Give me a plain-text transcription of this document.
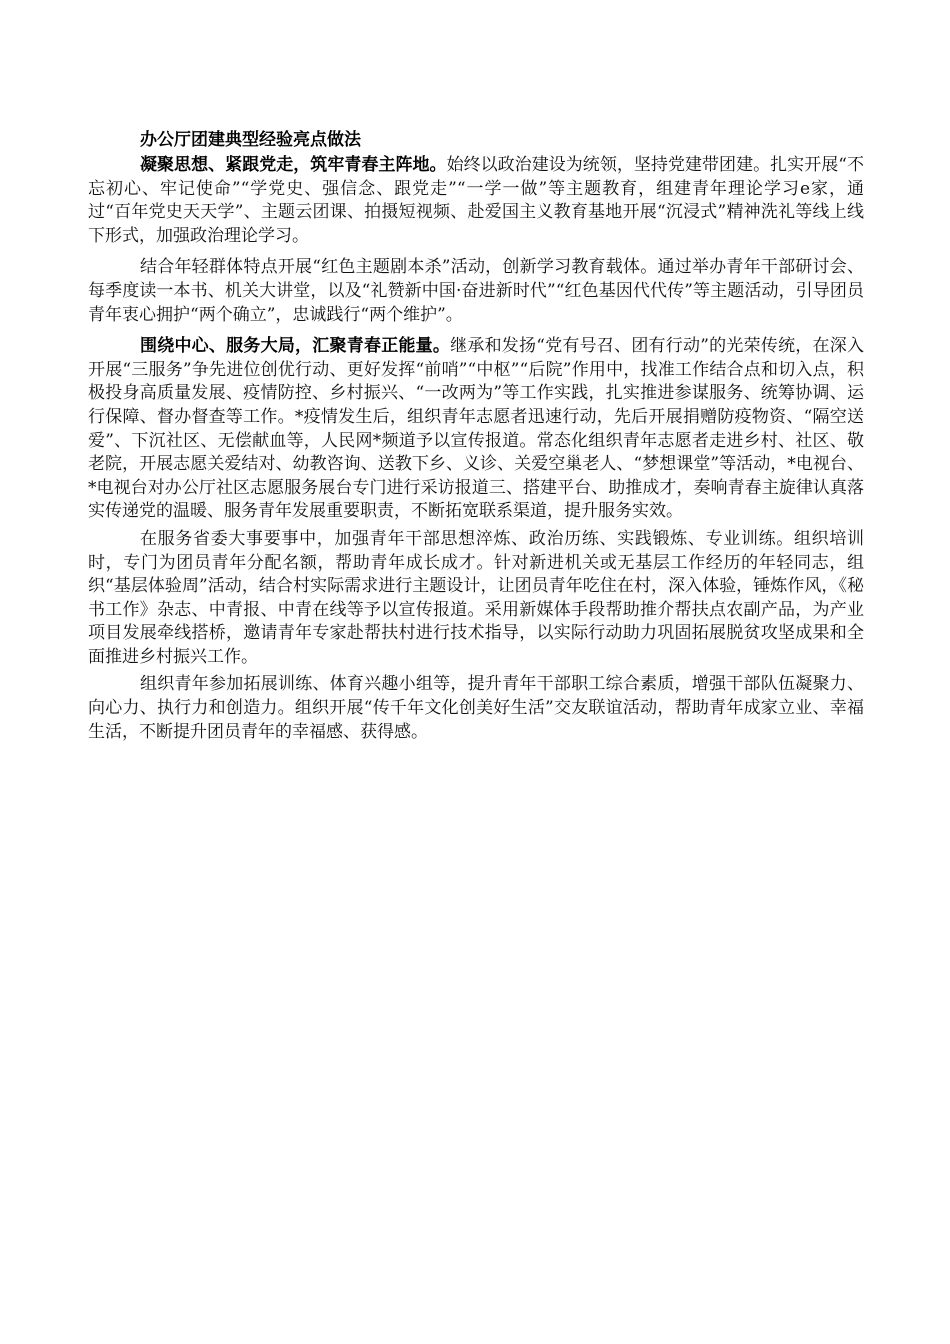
办公厅团建典型经验亮点做法

凝聚思想、紧跟党走，筑牢青春主阵地。始终以政治建设为统领，坚持党建带团建。扎实开展“不忘初心、牢记使命”“学党史、强信念、跟党走”“一学一做”等主题教育，组建青年理论学习e家，通过“百年党史天天学”、主题云团课、拍摄短视频、赴爱国主义教育基地开展“沉浸式”精神洗礼等线上线下形式，加强政治理论学习。

结合年轻群体特点开展“红色主题剧本杀”活动，创新学习教育载体。通过举办青年干部研讨会、每季度读一本书、机关大讲堂，以及“礼赞新中国·奋进新时代”“红色基因代代传”等主题活动，引导团员青年衷心拥护“两个确立”，忠诚践行“两个维护”。

围绕中心、服务大局，汇聚青春正能量。继承和发扬“党有号召、团有行动”的光荣传统，在深入开展“三服务”争先进位创优行动、更好发挥“前哨”“中枢”“后院”作用中，找准工作结合点和切入点，积极投身高质量发展、疫情防控、乡村振兴、“一改两为”等工作实践，扎实推进参谋服务、统筹协调、运行保障、督办督查等工作。*疫情发生后，组织青年志愿者迅速行动，先后开展捐赠防疫物资、“隔空送爱”、下沉社区、无偿献血等，人民网*频道予以宣传报道。常态化组织青年志愿者走进乡村、社区、敬老院，开展志愿关爱结对、幼教咨询、送教下乡、义诊、关爱空巢老人、“梦想课堂”等活动，*电视台、*电视台对办公厅社区志愿服务展台专门进行采访报道三、搭建平台、助推成才，奏响青春主旋律认真落实传递党的温暖、服务青年发展重要职责，不断拓宽联系渠道，提升服务实效。

在服务省委大事要事中，加强青年干部思想淬炼、政治历练、实践锻炼、专业训练。组织培训时，专门为团员青年分配名额，帮助青年成长成才。针对新进机关或无基层工作经历的年轻同志，组织“基层体验周”活动，结合村实际需求进行主题设计，让团员青年吃住在村，深入体验，锤炼作风，《秘书工作》杂志、中青报、中青在线等予以宣传报道。采用新媒体手段帮助推介帮扶点农副产品，为产业项目发展牵线搭桥，邀请青年专家赴帮扶村进行技术指导，以实际行动助力巩固拓展脱贫攻坚成果和全面推进乡村振兴工作。

组织青年参加拓展训练、体育兴趣小组等，提升青年干部职工综合素质，增强干部队伍凝聚力、向心力、执行力和创造力。组织开展“传千年文化创美好生活”交友联谊活动，帮助青年成家立业、幸福生活，不断提升团员青年的幸福感、获得感。
